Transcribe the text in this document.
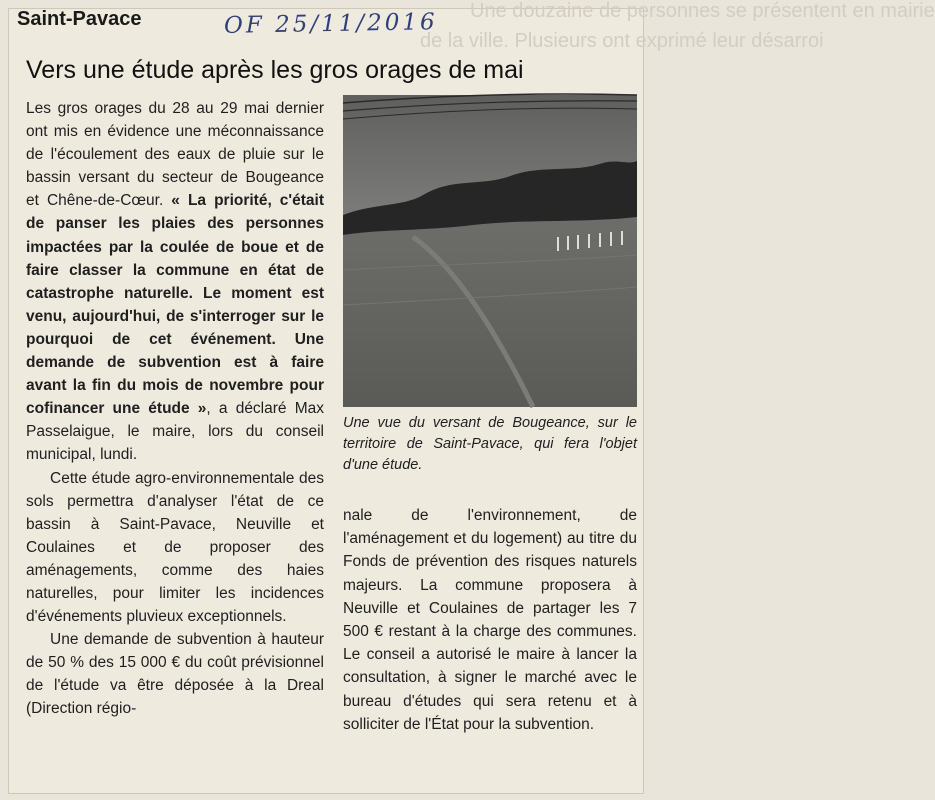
Une douzaine de personnes se présentent en mairie
de la ville. Plusieurs ont exprimé leur désarroi
Saint-Pavace	OF 25/11/2016
Vers une étude après les gros orages de mai

Les gros orages du 28 au 29 mai dernier ont mis en évidence une méconnaissance de l'écoulement des eaux de pluie sur le bassin versant du secteur de Bougeance et Chêne-de-Cœur. « La priorité, c'était de panser les plaies des personnes impactées par la coulée de boue et de faire classer la commune en état de catastrophe naturelle. Le moment est venu, aujourd'hui, de s'interroger sur le pourquoi de cet événement. Une demande de subvention est à faire avant la fin du mois de novembre pour cofinancer une étude », a déclaré Max Passelaigue, le maire, lors du conseil municipal, lundi.

Cette étude agro-environnementale des sols permettra d'analyser l'état de ce bassin à Saint-Pavace, Neuville et Coulaines et de proposer des aménagements, comme des haies naturelles, pour limiter les incidences d'événements pluvieux exceptionnels.

Une demande de subvention à hauteur de 50 % des 15 000 € du coût prévisionnel de l'étude va être déposée à la Dreal (Direction régio-

Une vue du versant de Bougeance, sur le territoire de Saint-Pavace, qui fera l'objet d'une étude.

nale de l'environnement, de l'aménagement et du logement) au titre du Fonds de prévention des risques naturels majeurs. La commune proposera à Neuville et Coulaines de partager les 7 500 € restant à la charge des communes. Le conseil a autorisé le maire à lancer la consultation, à signer le marché avec le bureau d'études qui sera retenu et à solliciter de l'État pour la subvention.
